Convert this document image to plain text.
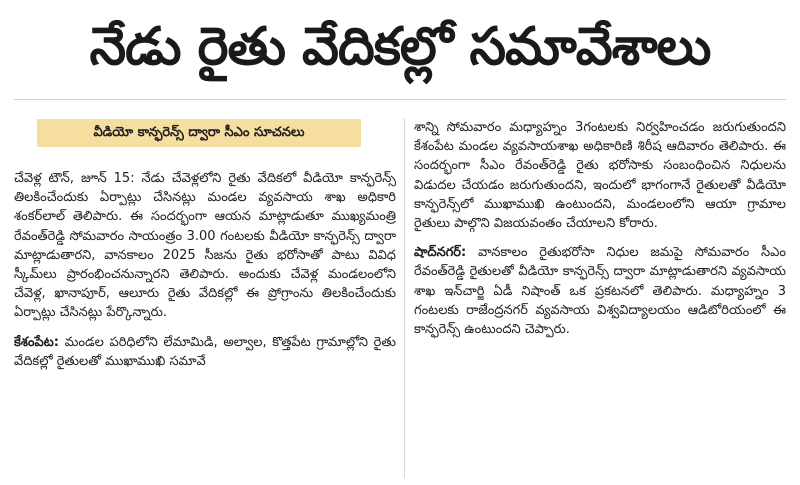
నేడు రైతు వేదికల్లో సమావేశాలు
వీడియో కాన్ఫరెన్స్ ద్వారా సీఎం సూచనలు

చేవెళ్ల టౌన్, జూన్ 15: నేడు చేవెళ్లలోని రైతు వేదికలో వీడియో కాన్ఫరెన్స్ తిలకించేందుకు ఏర్పాట్లు చేసినట్లు మండల వ్యవసాయ శాఖ అధికారి శంకర్‌లాల్ తెలిపారు. ఈ సందర్భంగా ఆయన మాట్లాడుతూ ముఖ్యమంత్రి రేవంత్‌రెడ్డి సోమవారం సాయంత్రం 3.00 గంటలకు వీడియో కాన్ఫరెన్స్ ద్వారా మాట్లాడుతారని, వానకాలం 2025 సీజను రైతు భరోసాతో పాటు వివిధ స్కీమ్‌లు ప్రారంభించనున్నారని తెలిపారు. అందుకు చేవెళ్ల మండలంలోని చేవెళ్ల, ఖానాపూర్, ఆలూరు రైతు వేదికల్లో ఈ ప్రోగ్రాంను తిలకించేందుకు ఏర్పాట్లు చేసినట్లు పేర్కొన్నారు.

కేశంపేట: మండల పరిధిలోని లేమామిడి, అల్వాల, కొత్తపేట గ్రామాల్లోని రైతు వేదికల్లో రైతులతో ముఖాముఖి సమావే

శాన్ని సోమవారం మధ్యాహ్నం 3గంటలకు నిర్వహించడం జరుగుతుందని కేశంపేట మండల వ్యవసాయశాఖ అధికారిణి శిరీష ఆదివారం తెలిపారు. ఈ సందర్భంగా సీఎం రేవంత్‌రెడ్డి రైతు భరోసాకు సంబంధించిన నిధులను విడుదల చేయడం జరుగుతుందని, ఇందులో భాగంగానే రైతులతో వీడియో కాన్ఫరెన్స్‌లో ముఖాముఖి ఉంటుందని, మండలంలోని ఆయా గ్రామాల రైతులు పాల్గొని విజయవంతం చేయాలని కోరారు.

షాద్‌నగర్: వానకాలం రైతుభరోసా నిధుల జమపై సోమవారం సీఎం రేవంత్‌రెడ్డి రైతులతో వీడియో కాన్ఫరెన్స్ ద్వారా మాట్లాడుతారని వ్యవసాయ శాఖ ఇన్‌చార్జి ఏడీ నిషాంత్ ఒక ప్రకటనలో తెలిపారు. మధ్యాహ్నం 3 గంటలకు రాజేంద్రనగర్ వ్యవసాయ విశ్వవిద్యాలయం ఆడిటోరియంలో ఈ కాన్ఫరెన్స్ ఉంటుందని చెప్పారు.
